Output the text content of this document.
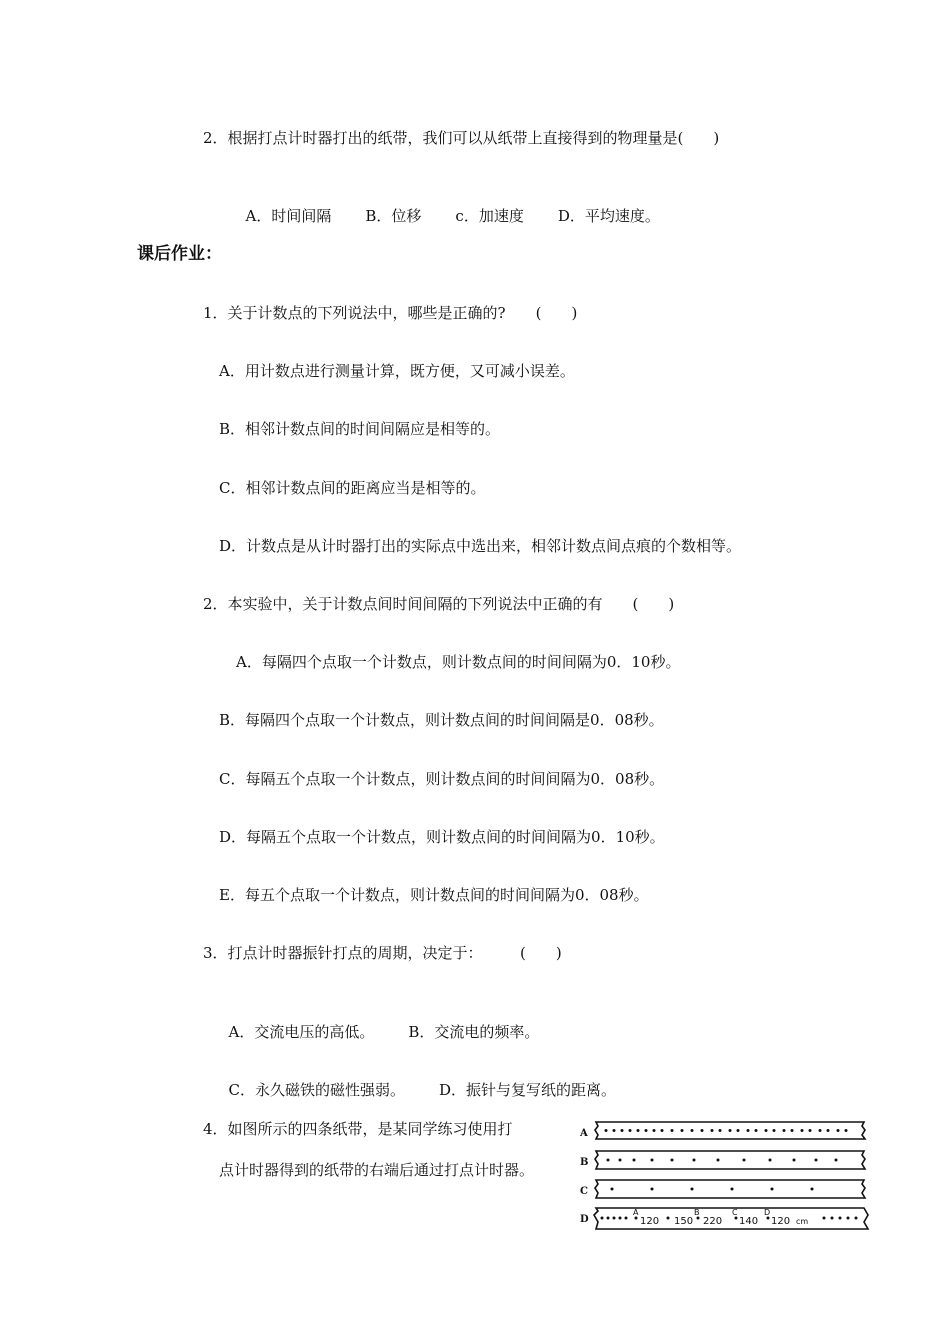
2．根据打点计时器打出的纸带，我们可以从纸带上直接得到的物理量是(　　)

A．时间间隔 B．位移 c．加速度 D．平均速度。

课后作业：
1．关于计数点的下列说法中，哪些是正确的?　　(　　)
A．用计数点进行测量计算，既方便，又可减小误差。
B．相邻计数点间的时间间隔应是相等的。
C．相邻计数点间的距离应当是相等的。
D．计数点是从计时器打出的实际点中选出来，相邻计数点间点痕的个数相等。
2．本实验中，关于计数点间时间间隔的下列说法中正确的有　　(　　)
A．每隔四个点取一个计数点，则计数点间的时间间隔为0．10秒。
B．每隔四个点取一个计数点，则计数点间的时间间隔是0．08秒。
C．每隔五个点取一个计数点，则计数点间的时间间隔为0．08秒。
D．每隔五个点取一个计数点，则计数点间的时间间隔为0．10秒。
E．每五个点取一个计数点，则计数点间的时间间隔为0．08秒。
3．打点计时器振针打点的周期，决定于：　　　(　　)

A．交流电压的高低。 B．交流电的频率。

C．永久磁铁的磁性强弱。 D．振针与复写纸的距离。

4．如图所示的四条纸带，是某同学练习使用打
点计时器得到的纸带的右端后通过打点计时器。
A
B
C
D
A	B	C	D
120 150 220 140 120 cm
